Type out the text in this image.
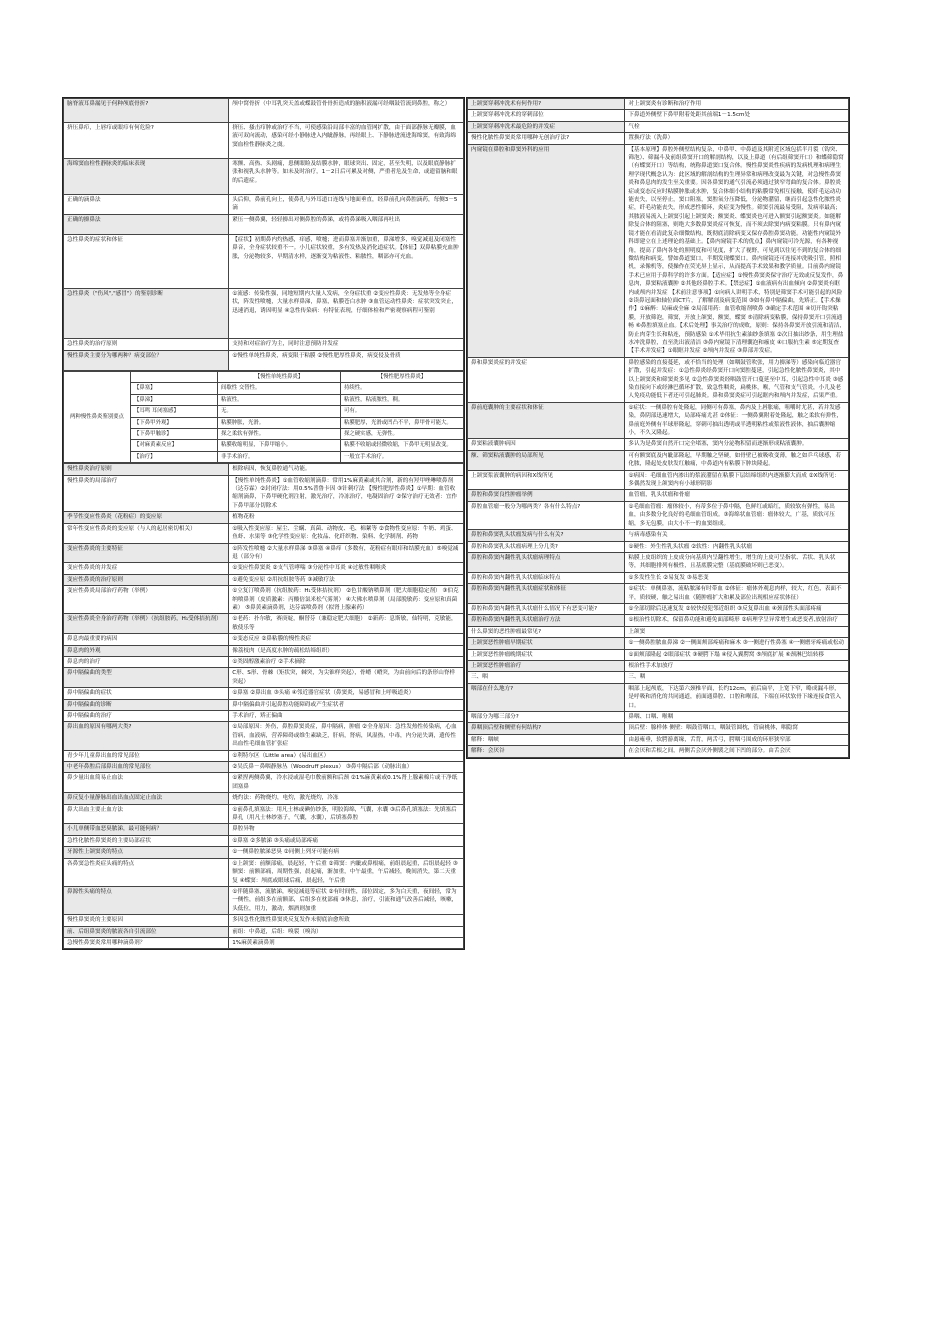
脑脊液耳鼻漏见于何种颅底骨折?	颅中窝骨折（中耳乳突天盖或蝶鼓管骨骨折造成的脑积液漏可经咽鼓管流到鼻腔，称之）
挤压鼻疖，上唇疖或眼疖有何危险?	挤压、搔击疖肿或治疗不当，可使感染沿局部丰富的血管网扩散，由于面部静脉无瓣膜，血液可双向流动，感染可经小静脉进入内眦静脉，再经眼上、下静脉进流进海绵窦，有致海绵窦血栓性静脉炎之虞。
海绵窦血栓性静脉炎的临床表现	寒颤、高热、头剧痛，患侧眼睑及结膜水肿，眼球突出、固定，甚至失明，以及眼底静脉扩张和视乳头水肿等。如未及时治疗，1－2日后可累及对侧，严重者危及生命，或遗留脑和眼的后遗症。
正确的滴鼻法	头后仰，鼻前孔向上，使鼻孔与外耳道口连线与地面垂直，经鼻前孔向鼻腔滴药，每侧3－5滴
正确的擤鼻法	紧压一侧鼻翼，轻轻擤出对侧鼻腔的鼻涕，或将鼻涕吸入咽部再吐出
急性鼻炎的症状和体征	【症状】初期鼻内灼热感，痒感，喷嚏；进而鼻塞并渐加重，鼻涕增多，嗅觉减退及闭塞性鼻音，全身症状较重不一。小儿症状较重，多有发热及消化道症状。【体征】双鼻粘膜充血肿胀，分泌物较多，早期清水样，逐渐变为粘液性、粘脓性，咽部亦可充血。
急性鼻炎（"伤风","感冒"）的鉴别诊断	①流感：传染性强，同地短期内大量人发病，全身症状重 ②变应性鼻炎：无发热等全身症状，阵发性喷嚏，大量水样鼻涕，鼻塞，粘膜苍白水肿 ③血管运动性鼻炎：症状突发突止，迅速消退，诱因明显 ④急性传染病：有特征表现，仔细体检和严密观察病程可鉴别
急性鼻炎的治疗原则	支持和对症治疗为主，同时注意预防并发症
慢性鼻炎主要分为哪两种？病变部位？	①慢性单纯性鼻炎，病变限于粘膜 ②慢性肥厚性鼻炎，病变侵及骨质
两种慢性鼻炎鉴别要点		【慢性单纯性鼻炎】	【慢性肥厚性鼻炎】
	【鼻塞】	间歇性 交替性。	持续性。
	【鼻涕】	粘液性。	粘液性，粘液脓性，稠。
	【耳鸣 耳闭塞感】	无。	可有。
	【下鼻甲外观】	粘膜肿胀，光滑。	粘膜肥厚，光滑或凹凸不平，鼻甲骨可能大。
	【下鼻甲触诊】	探之柔软有弹性。	探之硬实感，无弹性。
	【对麻黄素反应】	粘膜收缩明显，下鼻甲缩小。	粘膜不收缩或轻微收缩，下鼻甲无明显改变。
	【治疗】	非手术治疗。	一般宜手术治疗。
慢性鼻炎治疗原则	根除病因，恢复鼻腔通气功能。
慢性鼻炎的局部治疗	【慢性单纯性鼻炎】①血管收缩剂滴鼻：常用1%麻黄素或其合剂，新的有羟甲唑啉喷鼻剂（达芬霖）②封闭疗法：用0.5%普鲁卡因 ③针刺疗法 【慢性肥厚性鼻炎】①早期：血管收缩剂滴鼻，下鼻甲硬化剂注射，激光治疗，冷冻治疗，电凝固治疗 ②保守治疗无效者：宜作下鼻甲部分切除术
季节性变应性鼻炎（花粉症）的变应原	植物花粉
常年性变应性鼻炎的变应原（与人的起居密切相关）	①吸入性变应原：屋尘、尘螨、真菌、动物皮、毛、棉絮等 ②食物性变应原：牛奶、鸡蛋、鱼虾、水果等 ③化学性变应原：化妆品、化纤织物、染料、化学制剂、药物
变应性鼻炎的主要特征	①阵发性喷嚏 ②大量水样鼻涕 ③鼻塞 ④鼻痒（多数有，花粉症有眼痒和结膜充血）⑤嗅觉减退（部分有）
变应性鼻炎的并发症	①变应性鼻窦炎 ②支气管哮喘 ③分泌性中耳炎 ④过敏性咽喉炎
变应性鼻炎的治疗原则	①避免变应原 ②用抗组胺等药 ③减敏疗法
变应性鼻炎局部治疗药物（举例）	①立复汀喷鼻剂（抗组胺药：H₁受体拮抗剂） ②色甘酸钠喷鼻剂（肥大细胞稳定剂） ③伯克纳喷鼻剂（皮质激素：丙酸倍氯米松气雾剂） ④大佛水喷鼻剂（局部脱敏药：变应原和真菌素） ⑤鼻黄素滴鼻剂，达芬霖喷鼻剂（拟肾上腺素药）
变应性鼻炎全身治疗药物（举例）（抗组胺药，H₁受体拮抗剂）	①老药：扑尔敏，赛庚啶，酮替芬（兼稳定肥大细胞） ②新药：息斯敏，仙特明，克敏能，敏使乐等
鼻息肉最重要的病因	①变态反应 ②鼻粘膜的慢性炎症
鼻息肉的外观	像荔枝肉（是高度水肿的疏松结缔组织）
鼻息肉的治疗	①类固醇激素治疗 ②手术摘除
鼻中隔偏曲的类型	C形、S形、骨棘（矩状突，棘突，为尖锥样突起），骨嵴（嵴突，为由前向后的条形山脊样突起）
鼻中隔偏曲的症状	①鼻塞 ②鼻出血 ③头痛 ④邻近器官症状（鼻窦炎，易感冒和上呼吸道炎）
鼻中隔偏曲的诊断	鼻中隔偏曲并引起鼻腔功能障碍或产生症状者
鼻中隔偏曲的治疗	手术治疗，矫正偏曲
鼻出血的原因有哪两大类?	①局部原因：外伤，鼻腔鼻窦炎症，鼻中隔病，肿瘤 ②全身原因：急性发热性传染病，心血管病，血液病，营养障碍或维生素缺乏，肝病，肾病，风湿热，中毒，内分泌失调，遗传性出血性毛细血管扩张症
青少年儿童鼻出血的常见部位	①利特尔区（Little area）(易出血区）
中老年鼻腔后部鼻出血的常见部位	②吴氏鼻－鼻咽静脉丛（Woodruff plexus） ③鼻中隔后部（动脉出血）
鼻少量出血简易止血法	①紧捏两侧鼻翼，冷水浸或湿毛巾敷前额和后颈 ②1%麻黄素或0.1%肾上腺素棉片或干净纸团塞鼻
鼻反复小量静脉出血出血点固定止血法	烧灼法：药物烧灼，电灼，激光烧灼，冷冻
鼻大出血主要止血方法	①前鼻孔填塞法：用凡士林或碘仿纱条，明胶海绵，气囊，水囊 ③后鼻孔填塞法：先填塞后鼻孔（用凡士林纱塞子，气囊，水囊），后填塞鼻腔
小儿单侧带血恶臭脓涕，最可能何病？	鼻腔异物
急性化脓性鼻窦炎的主要局部症状	①鼻塞 ②多脓涕 ③头痛或局部疼痛
牙源性上颌窦炎的特点	①一侧鼻腔脓涕恶臭 ②同侧上列牙可能有病
各鼻窦急性炎症头痛的特点	①上颌窦：前额部痛，晨起轻，午后重 ②筛窦：内眦或鼻根痛，前组晨起重，后组晨起轻 ③额窦：前额部痛，周期性强，晨起痛，渐加重，中午最重，午后减轻，晚间消失，第二天重复 ④蝶窦：颅底或眼球后痛，晨起轻，午后重
鼻源性头痛的特点	①伴随鼻塞，流脓涕，嗅觉减退等症状 ②有时间性，部位固定，多为白天重，夜间轻，常为一侧性，前组多在前额部，后组多在枕部痛 ③休息，治疗，引流和通气改善后减轻，咳嗽，头低位，用力，激动，烟酒则加重
慢性鼻窦炎的主要原因	多因急性化脓性鼻窦炎反复发作未彻底治愈所致
前、后组鼻窦炎的脓液各自引流部位	前组：中鼻道，后组：嗅裂（嗅沟）
急慢性鼻窦炎常用哪种滴鼻剂？	1%麻黄素滴鼻剂
上颌窦穿刺冲洗术有何作用?	对上颌窦炎有诊断和治疗作用
上颌窦穿刺冲洗术的穿刺部位	下鼻道外侧壁下鼻甲附着处距其前端1－1.5cm处
上颌窦穿刺冲洗术最危险的并发症	气栓
慢性化脓性鼻窦炎常用哪种无创治疗法?	置换疗法（洗鼻）
内窥镜在鼻腔和鼻窦外科的应用	【基本原理】鼻腔外侧壁结构复杂，中鼻甲、中鼻道及其附近区域包括半月裂（钩突、筛泡）、筛漏斗及前组鼻窦开口的解剖结构，以及上鼻道（有后组筛窦开口）和蝶筛隐窝（有蝶窦开口）等结构，统称鼻道窦口复合体。慢性鼻窦炎性疾病的发病机理和病理生理学现代概念认为：此区域的解剖结构的生理异常和病理改变最为关键，对急慢性鼻窦炎和鼻息肉的发生至关重要。因各鼻窦的通气引流必须通过狭窄弯曲的复合体。鼻腔炎症或变态反应时粘膜肿胀或水肿，复合体细小结构的粘膜常免相互接触，使纤毛运动功能丧失，以至停止，窦口阻塞，窦腔氧分压降低，分泌物潴留，继而引起急性化脓性炎症，纤毛功能丧失，形成恶性循环，炎症变为慢性。筛窦引流最易受阻，发病率最高；其脓液易流入上颌窦引起上颌窦炎；额窦炎、蝶窦炎也可进入额窦引起额窦炎。如能解除复合体的阻塞，则绝大多数鼻窦炎症可恢复，而不须去除窦内病变粘膜。只有鼻内窥镜才能在看清此复杂细微结构，既彻底清除病变又保存鼻腔鼻窦功能。功能性内窥镜外科即建立在上述理论的基础上。【鼻内窥镜手术的优点】鼻内窥镜可冷光源，有各种视角，提高了鼻内各处的照明度和可见度，扩大了视野，可见到以往见不到的复合体的细微结构和病变，譬如鼻道窦口，半期发现蝶窦口。鼻内窥镜还可连接冲洗吸引管，照相机，录像机等，使操作在荧光屏上显示，从而提高手术效果和教学质量。目前鼻内窥镜手术已应用于鼻科学的许多方面。【适应症】①慢性鼻窦炎保守治疗无效或反复发作，鼻息肉，鼻窦粘液囊肿 ②其他经鼻腔手术。【禁忌症】①血液病有出血倾向 ②鼻窦炎有眶内或颅内并发症 【术前注意事项】①向病人讲明手术，特别是筛窦手术可能引起的风险 ②读鼻冠面和轴位面CT片，了解解剖及病变范围 ③如有鼻中隔偏曲，先矫正。【手术操作】①麻醉：局麻或全麻 ②局部用药：血管收缩剂喷鼻 ③确定手术范围 ④切开钩突粘膜，开放筛泡，筛窦，开放上颌窦，额窦，蝶窦 ⑤清除病变粘膜，保持鼻窦开口引流通畅 ⑥鼻腔填塞止血。【术后处理】事关治疗的成败，原则：保持各鼻窦开放引流和清洁，防止肉芽生长和粘连，预防感染 ①术毕用抗生素油纱条填塞 ②次日抽出纱条，用生理盐水冲洗鼻腔，直至洗出液清洁 ③鼻内窥镜下清理囊泡和痂皮 ④口服抗生素 ⑤定期复查 【手术并发症】①眼眶并发症 ②颅内并发症 ③鼻部并发症。
鼻和鼻窦炎症的并发症	鼻腔感染的直接蔓延，或不恰当的处理（如咽鼓管吹张，用力擤涕等）感染向临近器官扩散，引起并发症：①急性鼻炎经鼻窦开口向窦腔蔓延，引起急性化脓性鼻窦炎，其中以上颌窦炎和筛窦炎多见 ②急性鼻窦炎经咽鼓管开口蔓延至中耳，引起急性中耳炎 ③感染直接向下或经淋巴循环扩散，致急性咽炎，扁桃体，喉，气管和支气管炎，小儿及老人免疫功能低下者还可引起肺炎。鼻和鼻窦炎症可引起眶内和颅内并发症，后果严重。
鼻前庭囊肿的主要症状和体征	①症状：一侧鼻腔有处隆起，同侧可有鼻塞，鼻内及上唇胀痛，咀嚼时尤甚，若并发感染，鼻阴部迅速增大，局部疼痛尤甚 ②体征：一侧鼻翼附着处隆起，触之柔软有弹性，鼻前庭外侧有半球形隆起，穿刺可抽出透明或半透明粘性或浆液性液体，抽后囊肿缩小，不久又隆起。
鼻窦粘液囊肿病因	多认为是鼻窦自然开口完全堵塞，窦内分泌物积留而逐渐形成粘液囊肿。
额、筛窦粘液囊肿的局部所见	可有额窦底及内眦部隆起，早期触之坚硬，如骨壁已被吸收变薄，触之如乒乓球感，若化脓，隆起处皮肤发红触痛，中鼻道内有粘膜下肿块隆起。
上颌窦浆液囊肿的病因和X线所见	①病因：毛细血管内渗出的浆液潴留在粘膜下层结缔组织内逐渐膨大而成 ②X线所见：多偶然发现上颌窦内有小球形阴影
鼻腔和鼻窦良性肿瘤举例	血管瘤，乳头状瘤和骨瘤
鼻腔血管瘤一般分为哪两类？各有什么特点?	①毛细血管瘤：瘤体较小，有蒂多位于鼻中隔，色鲜红或暗红，质较软有弹性，易出血，由多数分化良好的毛细血管组成。③海绵状血管瘤：瘤体较大，广基，质软可压缩，多无包膜，由大小不一的血窦组成。
鼻腔和鼻窦乳头状瘤发病与什么有关?	与病毒感染有关
鼻腔和鼻窦乳头状瘤病理上分几类?	①硬性：外生性乳头状瘤 ②软性：内翻性乳头状瘤
鼻腔和鼻窦内翻性乳头状瘤病理特点	粘膜上皮组织的上皮成分向基质内呈翻性增生，增生的上皮可呈指状、舌状、乳头状等，其细胞排列有极性，且基底膜完整（基底膜破坏则已恶变）。
鼻腔和鼻窦内翻性乳头状瘤临床特点	①多发性生长 ②易复发 ③易恶变
鼻腔和鼻窦内翻性乳头状瘤症状和体征	①症状：单侧鼻塞，流粘脓涕有时带血 ②体征：瘤体外观息肉样，较大，红色，表面不平，质较硬，触之易出血（随肿瘤扩大和累及部位出现相应症状体征）
鼻腔和鼻窦内翻性乳头状瘤什么情况下有恶变可能?	①全部切除后迅速复发 ②较快侵犯邻近组织 ③反复鼻出血 ④颈部性头面部疼痛
鼻腔和鼻窦内翻性乳头状瘤治疗方法	①根治性切除术，保留鼻功能和避免面部畸形 ②病理学呈异常增生或恶变者,放射治疗
什么鼻窦的恶性肿瘤最常见?	上颌窦
上颌窦恶性肿瘤早期症状	①一侧鼻腔脓血鼻涕 ②一侧面颊部疼痛和麻木 ③一侧进行性鼻塞 ④一侧磨牙疼痛或松动
上颌窦恶性肿瘤晚期症状	①面颊部隆起 ②眼部症状 ③硬腭下塌 ④侵入翼腭窝 ⑤颅底扩展 ⑥颈淋巴结转移
上颌窦恶性肿瘤治疗	根治性手术加放疗
三、咽	三、咽
咽部在什么地方?	咽部上起颅底，下达第六颈椎平面，长约12cm，前后扁平，上宽下窄，略成漏斗形，是呼吸和消化的共同通道，前面通鼻腔、口腔和喉部，下端在环状软骨下缘连接食管入口。
咽部分为哪三部分?	鼻咽、口咽、喉咽
鼻咽顶后壁和侧壁有何结构?	顶后壁：腺样体 侧壁：咽鼓管咽口，咽鼓管圆枕，管扁桃体，咽隐窝
解释：咽峡	由悬雍垂，软腭游离缘，舌背，两舌弓，腭咽弓围成的环形狭窄部
解释：会厌谷	在会厌和舌根之间，两侧舌会厌外侧襞之间下凹的部分。由舌会厌
